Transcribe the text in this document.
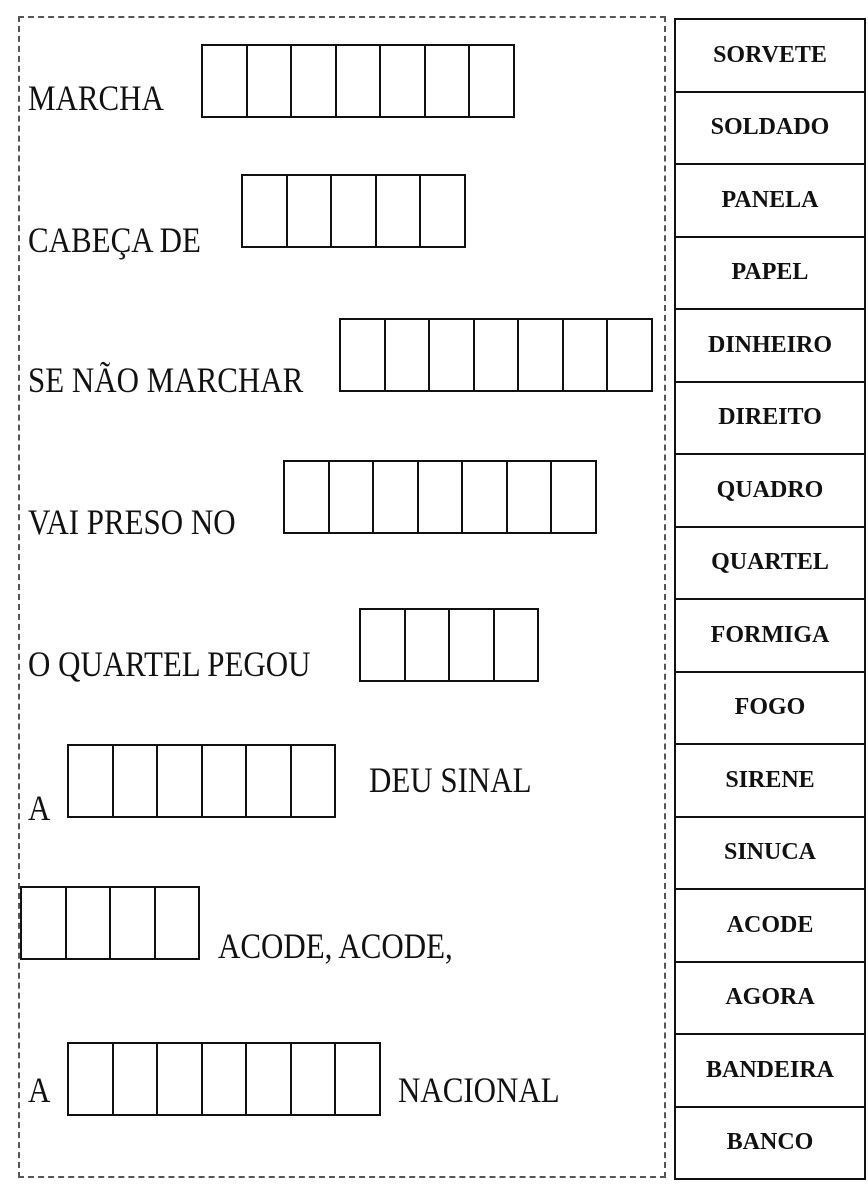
MARCHA
CABEÇA DE
SE NÃO MARCHAR
VAI PRESO NO
O QUARTEL PEGOU
A
DEU SINAL
ACODE, ACODE,
A	NACIONAL
SORVETE
SOLDADO
PANELA
PAPEL
DINHEIRO
DIREITO
QUADRO
QUARTEL
FORMIGA
FOGO
SIRENE
SINUCA
ACODE
AGORA
BANDEIRA
BANCO
